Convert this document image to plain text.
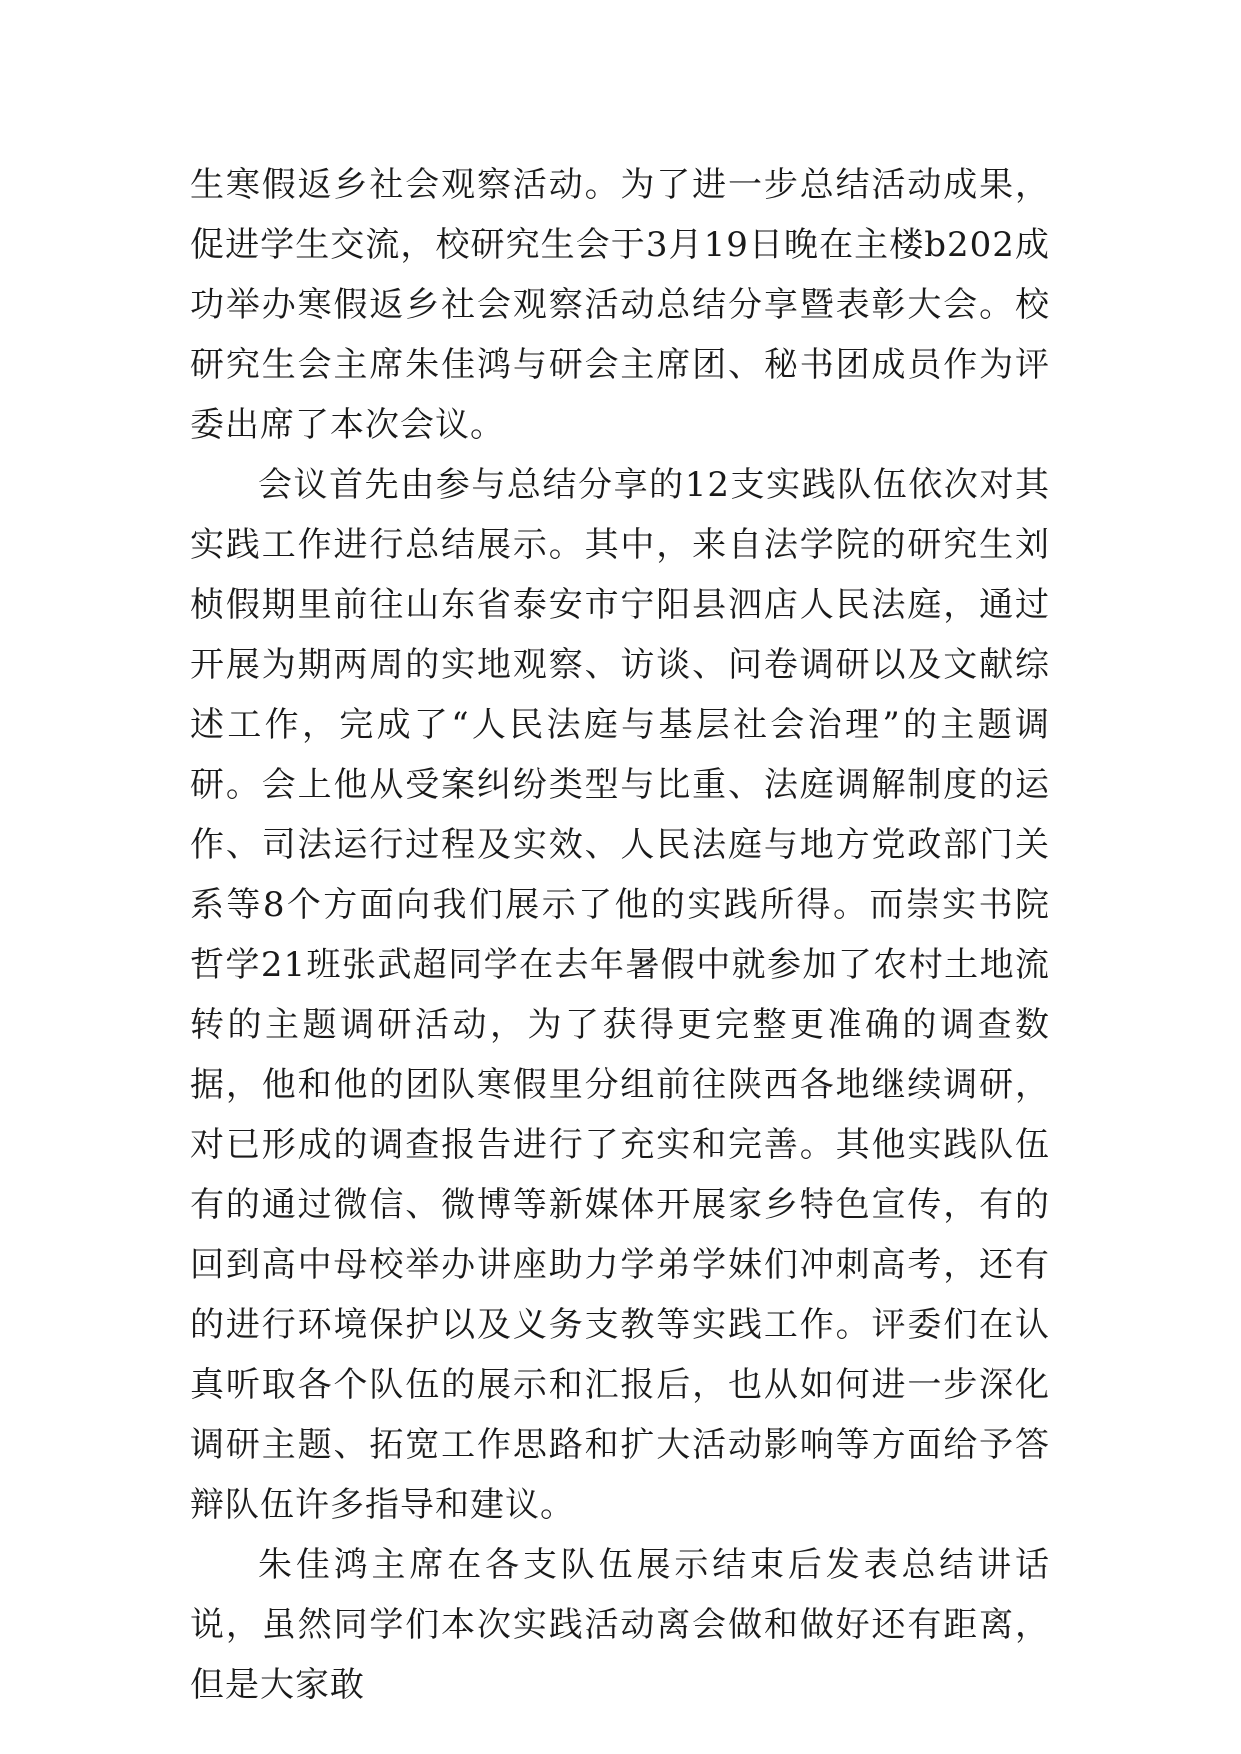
生寒假返乡社会观察活动。为了进一步总结活动成果，促进学生交流，校研究生会于3月19日晚在主楼b202成功举办寒假返乡社会观察活动总结分享暨表彰大会。校研究生会主席朱佳鸿与研会主席团、秘书团成员作为评委出席了本次会议。

会议首先由参与总结分享的12支实践队伍依次对其实践工作进行总结展示。其中，来自法学院的研究生刘桢假期里前往山东省泰安市宁阳县泗店人民法庭，通过开展为期两周的实地观察、访谈、问卷调研以及文献综述工作，完成了“人民法庭与基层社会治理”的主题调研。会上他从受案纠纷类型与比重、法庭调解制度的运作、司法运行过程及实效、人民法庭与地方党政部门关系等8个方面向我们展示了他的实践所得。而崇实书院哲学21班张武超同学在去年暑假中就参加了农村土地流转的主题调研活动，为了获得更完整更准确的调查数据，他和他的团队寒假里分组前往陕西各地继续调研，对已形成的调查报告进行了充实和完善。其他实践队伍有的通过微信、微博等新媒体开展家乡特色宣传，有的回到高中母校举办讲座助力学弟学妹们冲刺高考，还有的进行环境保护以及义务支教等实践工作。评委们在认真听取各个队伍的展示和汇报后，也从如何进一步深化调研主题、拓宽工作思路和扩大活动影响等方面给予答辩队伍许多指导和建议。

朱佳鸿主席在各支队伍展示结束后发表总结讲话说，虽然同学们本次实践活动离会做和做好还有距离，但是大家敢
